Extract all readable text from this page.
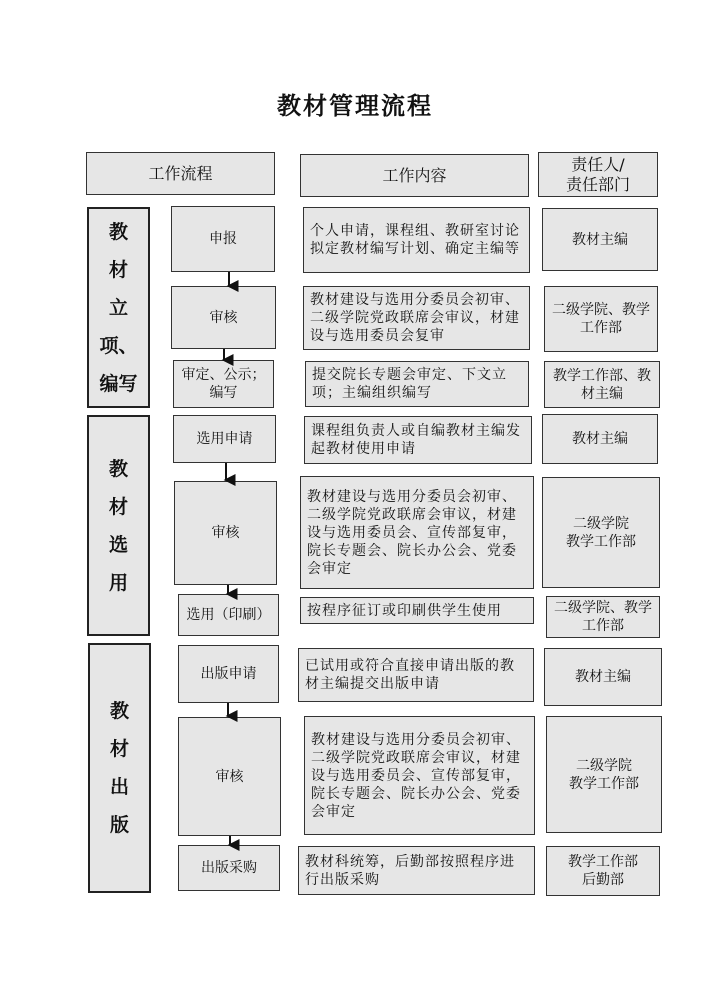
教材管理流程
工作流程	工作内容
责任人/
责任部门
教
材
立
项、
编写
教
材
选
用
教
材
出
版
申报
审核
审定、公示；编写
选用申请
审核
选用（印刷）
出版申请
审核
出版采购
个人申请，课程组、教研室讨论拟定教材编写计划、确定主编等
教材建设与选用分委员会初审、二级学院党政联席会审议，材建设与选用委员会复审
提交院长专题会审定、下文立项；主编组织编写
课程组负责人或自编教材主编发起教材使用申请
教材建设与选用分委员会初审、二级学院党政联席会审议，材建设与选用委员会、宣传部复审，院长专题会、院长办公会、党委会审定
按程序征订或印刷供学生使用
已试用或符合直接申请出版的教材主编提交出版申请
教材建设与选用分委员会初审、二级学院党政联席会审议，材建设与选用委员会、宣传部复审，院长专题会、院长办公会、党委会审定
教材科统筹，后勤部按照程序进行出版采购
教材主编
二级学院、教学工作部
教学工作部、教材主编
教材主编
二级学院
教学工作部
二级学院、教学工作部
教材主编
二级学院
教学工作部
教学工作部
后勤部
